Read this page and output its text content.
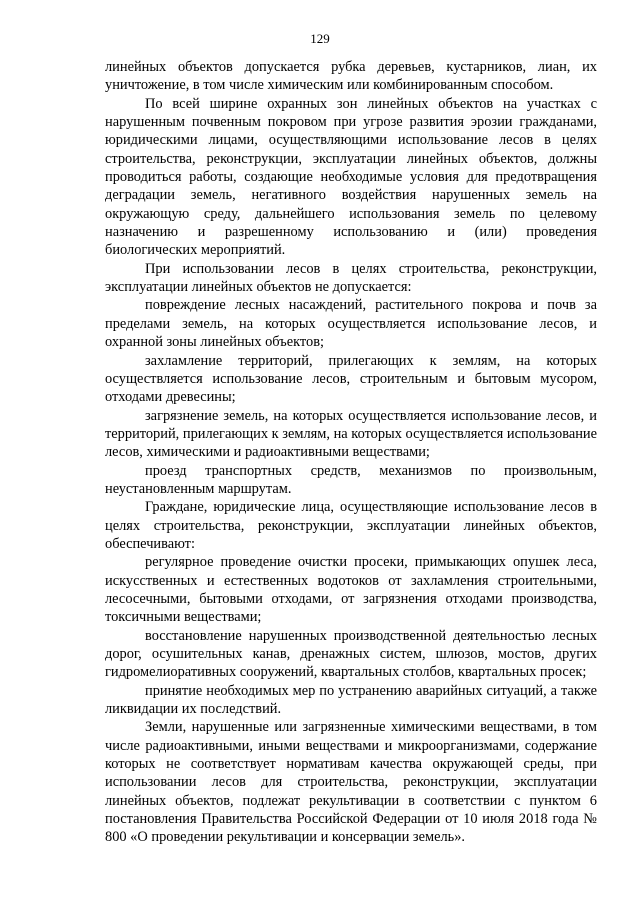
129

линейных объектов допускается рубка деревьев, кустарников, лиан, их уничтожение, в том числе химическим или комбинированным способом.

По всей ширине охранных зон линейных объектов на участках с нарушенным почвенным покровом при угрозе развития эрозии гражданами, юридическими лицами, осуществляющими использование лесов в целях строительства, реконструкции, эксплуатации линейных объектов, должны проводиться работы, создающие необходимые условия для предотвращения деградации земель, негативного воздействия нарушенных земель на окружающую среду, дальнейшего использования земель по целевому назначению и разрешенному использованию и (или) проведения биологических мероприятий.

При использовании лесов в целях строительства, реконструкции, эксплуатации линейных объектов не допускается:

повреждение лесных насаждений, растительного покрова и почв за пределами земель, на которых осуществляется использование лесов, и охранной зоны линейных объектов;

захламление территорий, прилегающих к землям, на которых осуществляется использование лесов, строительным и бытовым мусором, отходами древесины;

загрязнение земель, на которых осуществляется использование лесов, и территорий, прилегающих к землям, на которых осуществляется использование лесов, химическими и радиоактивными веществами;

проезд транспортных средств, механизмов по произвольным, неустановленным маршрутам.

Граждане, юридические лица, осуществляющие использование лесов в целях строительства, реконструкции, эксплуатации линейных объектов, обеспечивают:

регулярное проведение очистки просеки, примыкающих опушек леса, искусственных и естественных водотоков от захламления строительными, лесосечными, бытовыми отходами, от загрязнения отходами производства, токсичными веществами;

восстановление нарушенных производственной деятельностью лесных дорог, осушительных канав, дренажных систем, шлюзов, мостов, других гидромелиоративных сооружений, квартальных столбов, квартальных просек;

принятие необходимых мер по устранению аварийных ситуаций, а также ликвидации их последствий.

Земли, нарушенные или загрязненные химическими веществами, в том числе радиоактивными, иными веществами и микроорганизмами, содержание которых не соответствует нормативам качества окружающей среды, при использовании лесов для строительства, реконструкции, эксплуатации линейных объектов, подлежат рекультивации в соответствии с пунктом 6 постановления Правительства Российской Федерации от 10 июля 2018 года № 800 «О проведении рекультивации и консервации земель».
